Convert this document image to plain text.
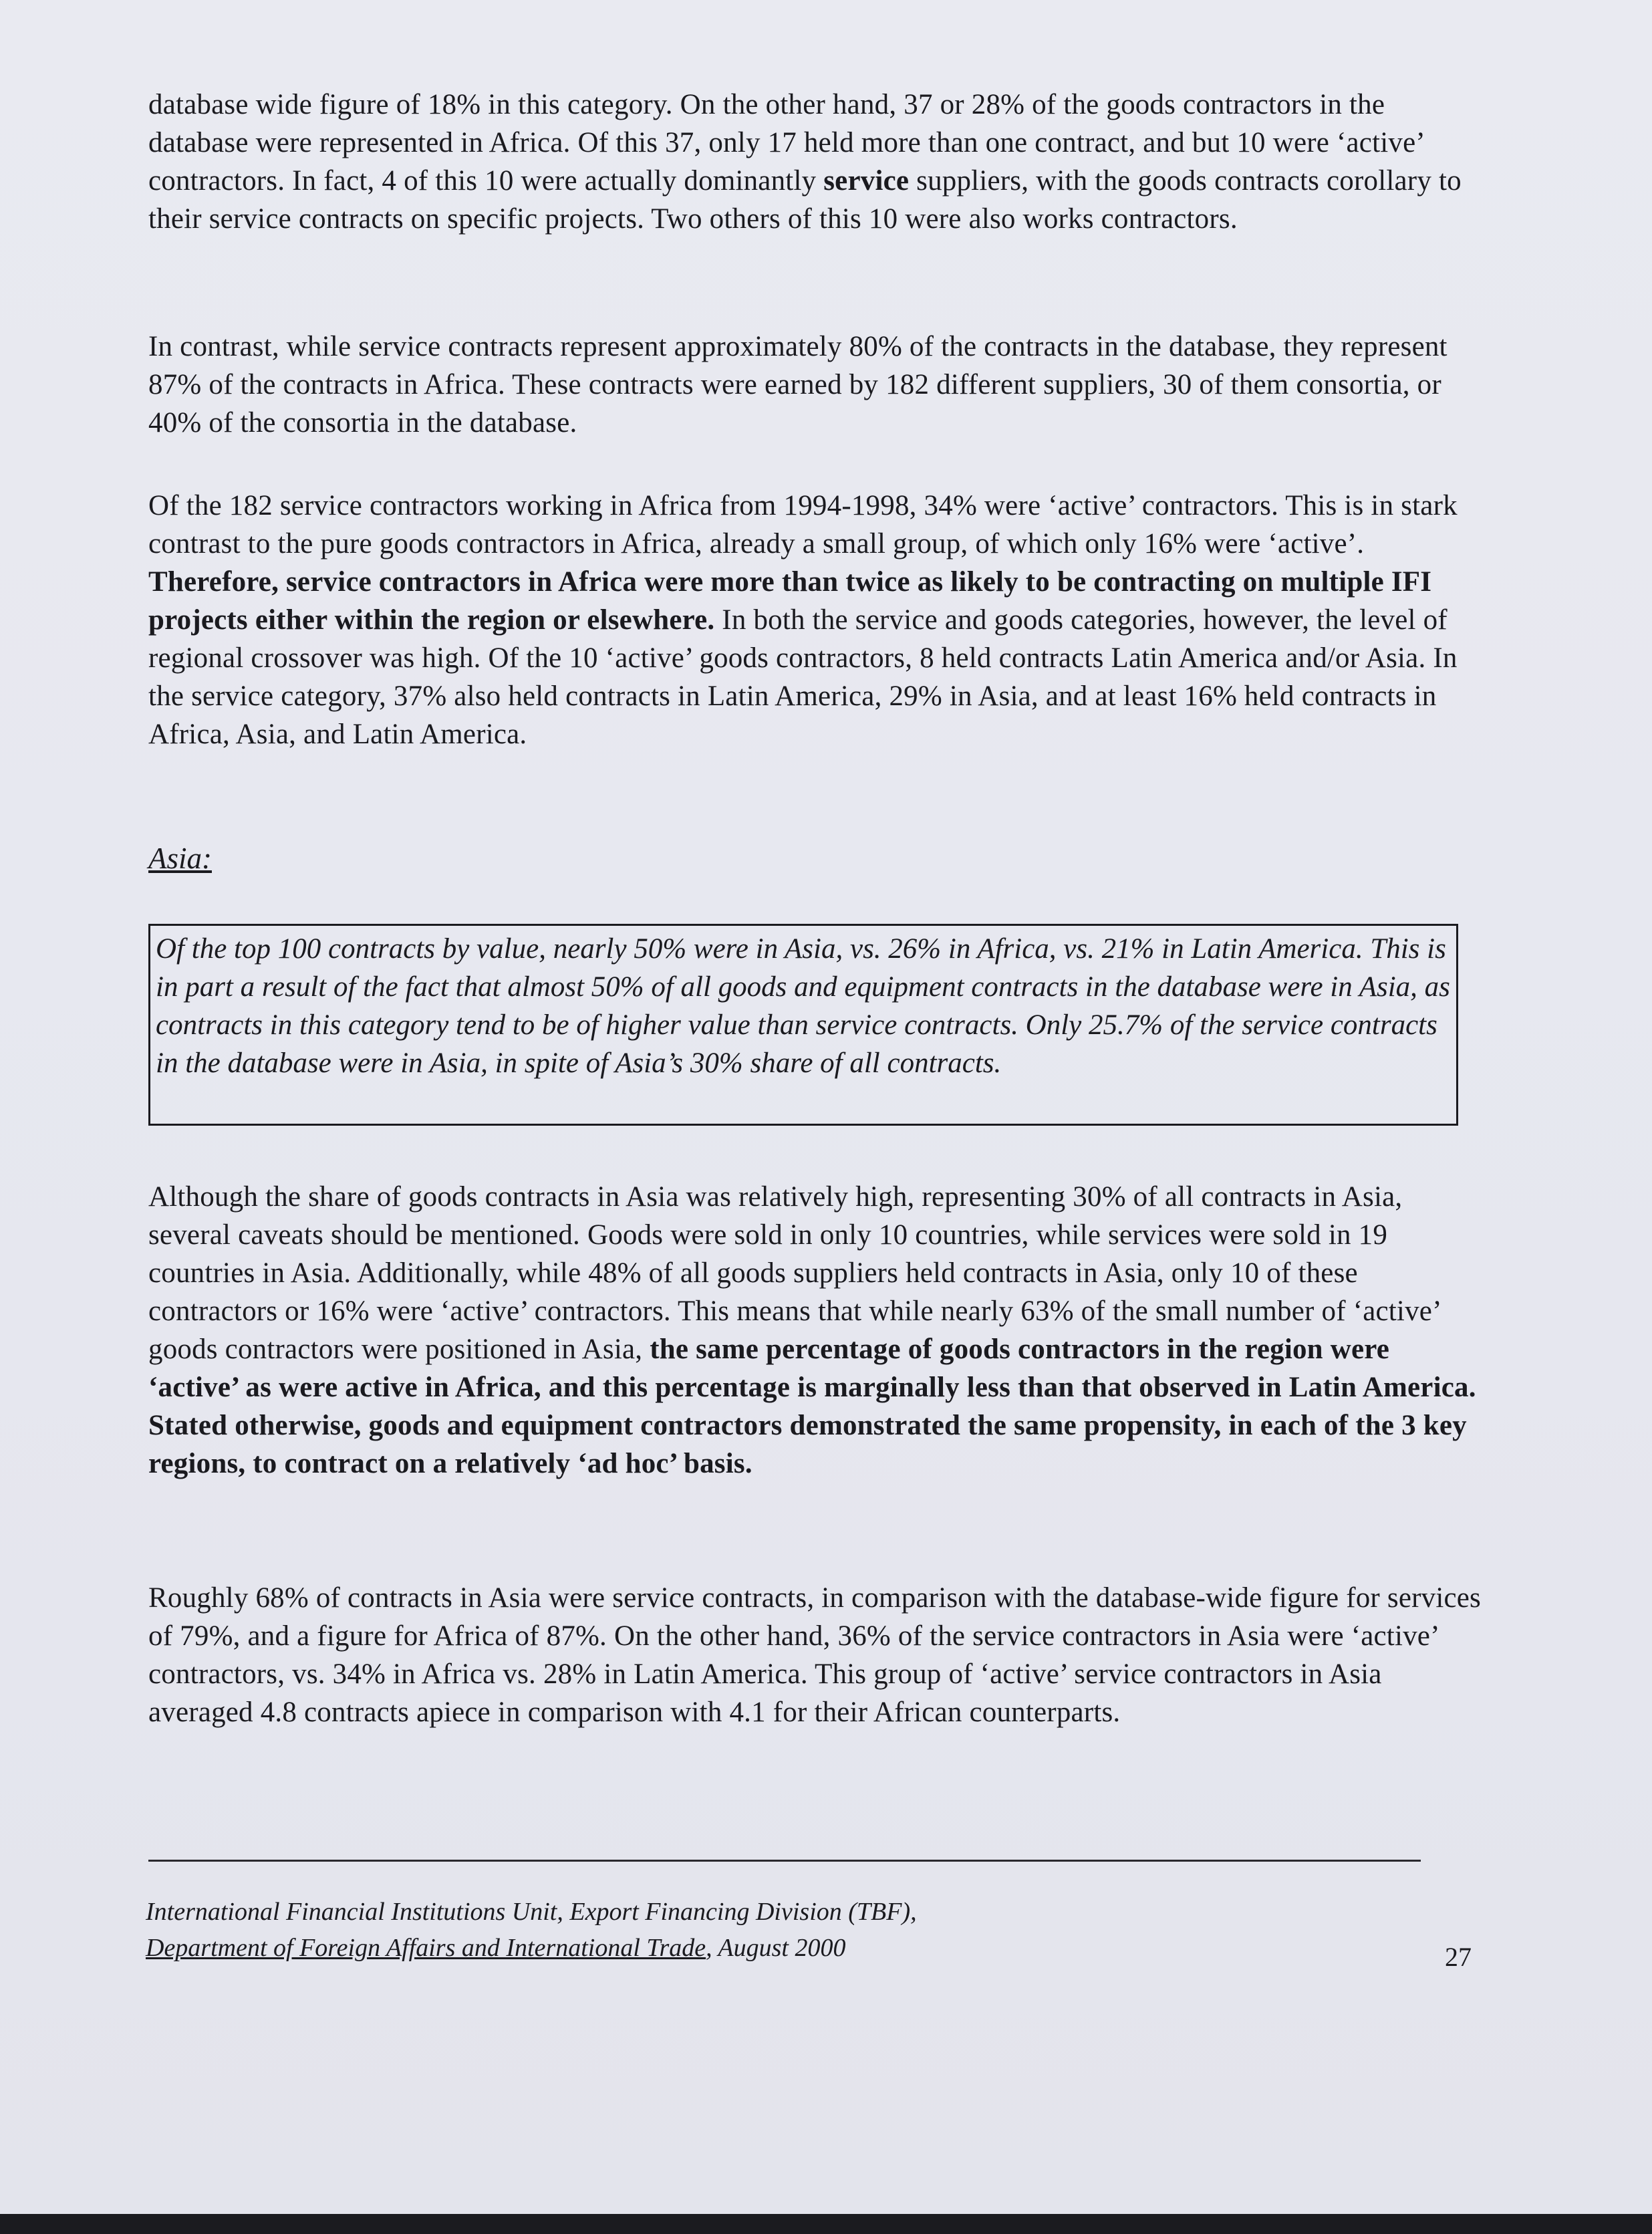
database wide figure of 18% in this category. On the other hand, 37 or 28% of the goods contractors in the database were represented in Africa. Of this 37, only 17 held more than one contract, and but 10 were ‘active’ contractors. In fact, 4 of this 10 were actually dominantly service suppliers, with the goods contracts corollary to their service contracts on specific projects. Two others of this 10 were also works contractors.

In contrast, while service contracts represent approximately 80% of the contracts in the database, they represent 87% of the contracts in Africa. These contracts were earned by 182 different suppliers, 30 of them consortia, or 40% of the consortia in the database.

Of the 182 service contractors working in Africa from 1994-1998, 34% were ‘active’ contractors. This is in stark contrast to the pure goods contractors in Africa, already a small group, of which only 16% were ‘active’. Therefore, service contractors in Africa were more than twice as likely to be contracting on multiple IFI projects either within the region or elsewhere. In both the service and goods categories, however, the level of regional crossover was high. Of the 10 ‘active’ goods contractors, 8 held contracts Latin America and/or Asia. In the service category, 37% also held contracts in Latin America, 29% in Asia, and at least 16% held contracts in Africa, Asia, and Latin America.

Asia:
Of the top 100 contracts by value, nearly 50% were in Asia, vs. 26% in Africa, vs. 21% in Latin America. This is in part a result of the fact that almost 50% of all goods and equipment contracts in the database were in Asia, as contracts in this category tend to be of higher value than service contracts. Only 25.7% of the service contracts in the database were in Asia, in spite of Asia’s 30% share of all contracts.

Although the share of goods contracts in Asia was relatively high, representing 30% of all contracts in Asia, several caveats should be mentioned. Goods were sold in only 10 countries, while services were sold in 19 countries in Asia. Additionally, while 48% of all goods suppliers held contracts in Asia, only 10 of these contractors or 16% were ‘active’ contractors. This means that while nearly 63% of the small number of ‘active’ goods contractors were positioned in Asia, the same percentage of goods contractors in the region were ‘active’ as were active in Africa, and this percentage is marginally less than that observed in Latin America. Stated otherwise, goods and equipment contractors demonstrated the same propensity, in each of the 3 key regions, to contract on a relatively ‘ad hoc’ basis.

Roughly 68% of contracts in Asia were service contracts, in comparison with the database-wide figure for services of 79%, and a figure for Africa of 87%. On the other hand, 36% of the service contractors in Asia were ‘active’ contractors, vs. 34% in Africa vs. 28% in Latin America. This group of ‘active’ service contractors in Asia averaged 4.8 contracts apiece in comparison with 4.1 for their African counterparts.

International Financial Institutions Unit, Export Financing Division (TBF),
Department of Foreign Affairs and International Trade, August 2000	27
